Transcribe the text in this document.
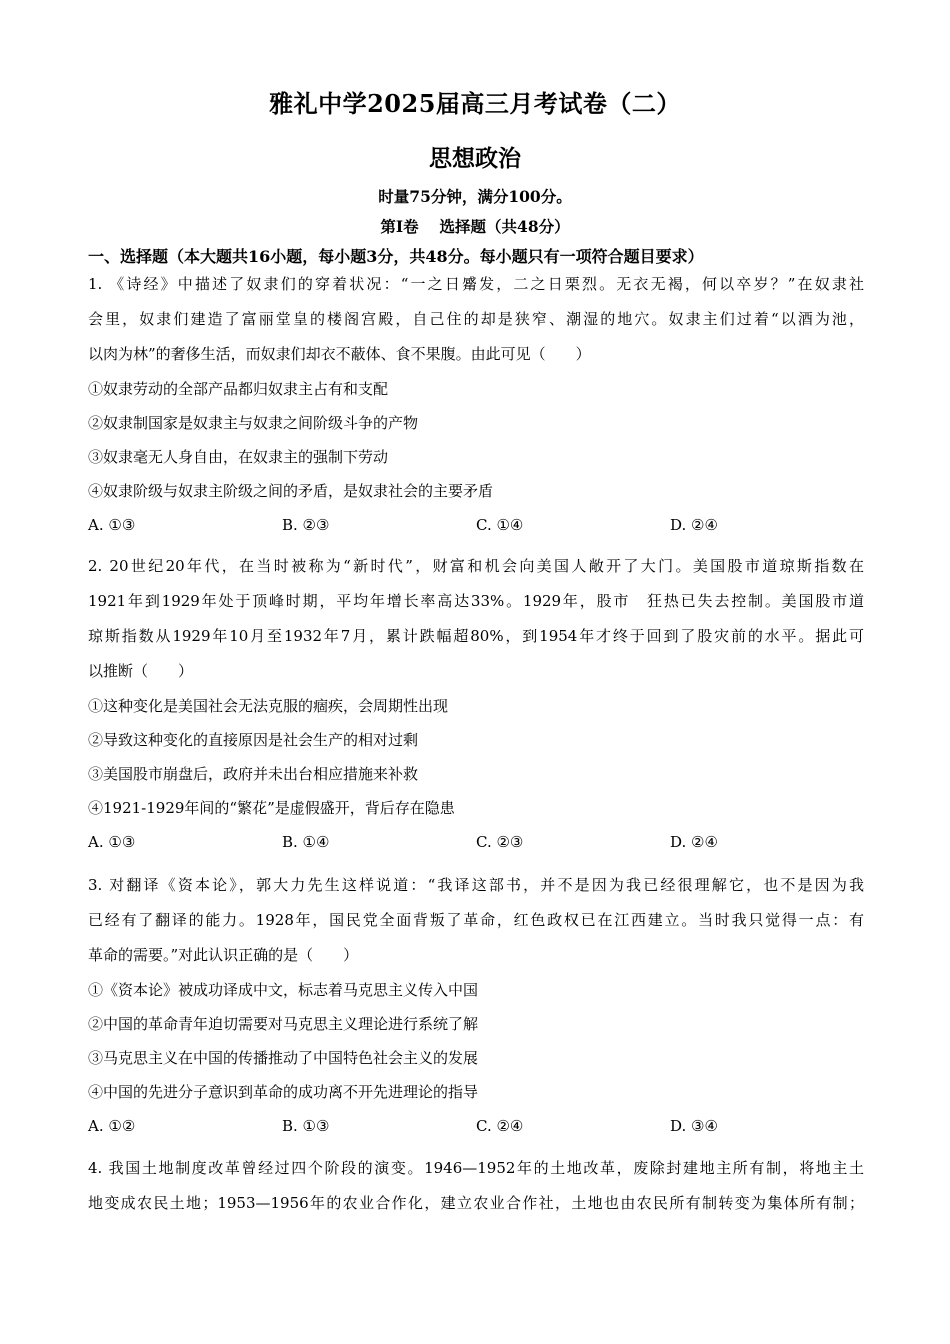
雅礼中学2025届高三月考试卷（二）
思想政治
时量75分钟，满分100分。
第Ⅰ卷　 选择题（共48分）
一、选择题（本大题共16小题，每小题3分，共48分。每小题只有一项符合题目要求）
1. 《诗经》中描述了奴隶们的穿着状况：“一之日觱发，二之日栗烈。无衣无褐，何以卒岁？”在奴隶社
会里，奴隶们建造了富丽堂皇的楼阁宫殿，自己住的却是狭窄、潮湿的地穴。奴隶主们过着“以酒为池，
以肉为林”的奢侈生活，而奴隶们却衣不蔽体、食不果腹。由此可见（　　）
①奴隶劳动的全部产品都归奴隶主占有和支配
②奴隶制国家是奴隶主与奴隶之间阶级斗争的产物
③奴隶毫无人身自由，在奴隶主的强制下劳动
④奴隶阶级与奴隶主阶级之间的矛盾，是奴隶社会的主要矛盾
A. ①③	B. ②③	C. ①④	D. ②④
2. 20世纪20年代，在当时被称为“新时代”，财富和机会向美国人敞开了大门。美国股市道琼斯指数在
1921年到1929年处于顶峰时期，平均年增长率高达33%。1929年，股市　狂热已失去控制。美国股市道
琼斯指数从1929年10月至1932年7月，累计跌幅超80%，到1954年才终于回到了股灾前的水平。据此可
以推断（　　）
①这种变化是美国社会无法克服的痼疾，会周期性出现
②导致这种变化的直接原因是社会生产的相对过剩
③美国股市崩盘后，政府并未出台相应措施来补救
④1921-1929年间的“繁花”是虚假盛开，背后存在隐患
A. ①③	B. ①④	C. ②③	D. ②④
3. 对翻译《资本论》，郭大力先生这样说道：“我译这部书，并不是因为我已经很理解它，也不是因为我
已经有了翻译的能力。1928年，国民党全面背叛了革命，红色政权已在江西建立。当时我只觉得一点：有
革命的需要。”对此认识正确的是（　　）
①《资本论》被成功译成中文，标志着马克思主义传入中国
②中国的革命青年迫切需要对马克思主义理论进行系统了解
③马克思主义在中国的传播推动了中国特色社会主义的发展
④中国的先进分子意识到革命的成功离不开先进理论的指导
A. ①②	B. ①③	C. ②④	D. ③④
4. 我国土地制度改革曾经过四个阶段的演变。1946—1952年的土地改革，废除封建地主所有制，将地主土
地变成农民土地；1953—1956年的农业合作化，建立农业合作社，土地也由农民所有制转变为集体所有制；
